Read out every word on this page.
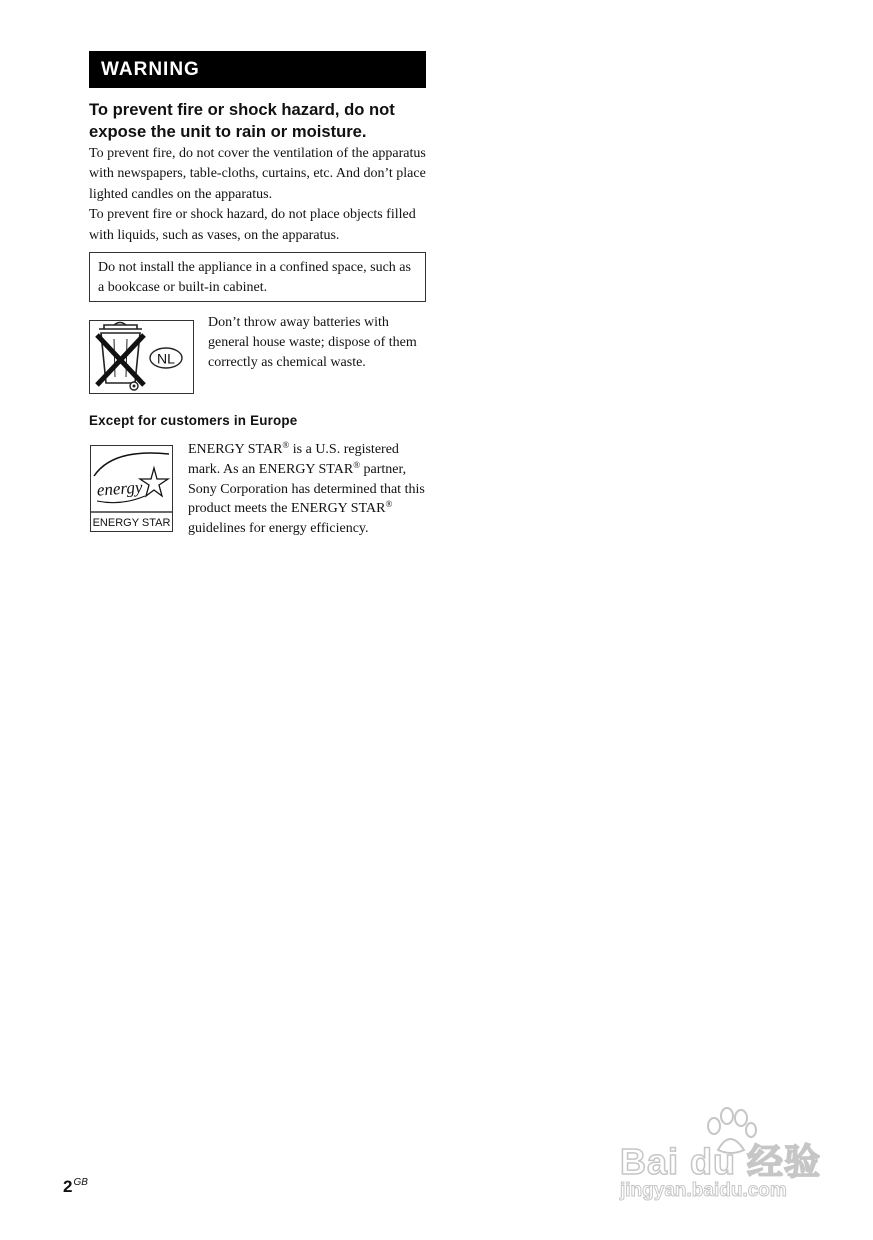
WARNING
To prevent fire or shock hazard, do not expose the unit to rain or moisture.

To prevent fire, do not cover the ventilation of the apparatus with newspapers, table-cloths, curtains, etc. And don’t place lighted candles on the apparatus.

To prevent fire or shock hazard, do not place objects filled with liquids, such as vases, on the apparatus.

Do not install the appliance in a confined space, such as a bookcase or built-in cabinet.
NL
Don’t throw away batteries with general house waste; dispose of them correctly as chemical waste.
Except for customers in Europe
energy
ENERGY STAR

ENERGY STAR® is a U.S. registered mark. As an ENERGY STAR® partner, Sony Corporation has determined that this product meets the ENERGY STAR® guidelines for energy efficiency.

$2^{GB}$
Bai du 经验
jingyan.baidu.com
